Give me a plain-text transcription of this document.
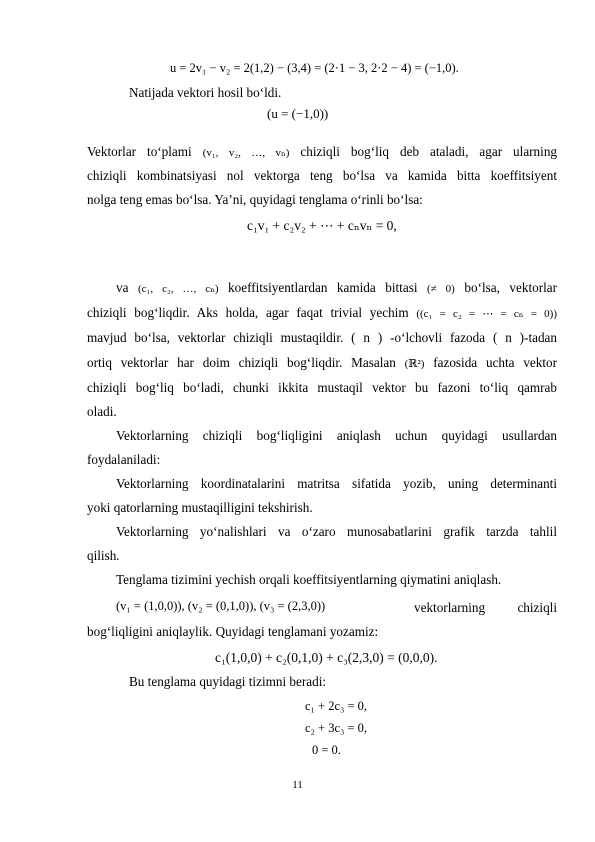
u = 2v₁ − v₂ = 2(1,2) − (3,4) = (2·1 − 3, 2·2 − 4) = (−1,0).
Natijada vektori hosil bo‘ldi.
(u = (−1,0))
Vektorlar to‘plami (v₁, v₂, …, vₙ) chiziqli bog‘liq deb ataladi, agar ularning
chiziqli kombinatsiyasi nol vektorga teng bo‘lsa va kamida bitta koeffitsiyent
nolga teng emas bo‘lsa. Ya’ni, quyidagi tenglama o‘rinli bo‘lsa:
c₁v₁ + c₂v₂ + ⋯ + cₙvₙ = 0,
va (c₁, c₂, …, cₙ) koeffitsiyentlardan kamida bittasi (≠ 0) bo‘lsa, vektorlar
chiziqli bog‘liqdir. Aks holda, agar faqat trivial yechim ((c₁ = c₂ = ⋯ = cₙ = 0))
mavjud bo‘lsa, vektorlar chiziqli mustaqildir. ( n ) -o‘lchovli fazoda ( n )-tadan
ortiq vektorlar har doim chiziqli bog‘liqdir. Masalan (ℝ²) fazosida uchta vektor
chiziqli bog‘liq bo‘ladi, chunki ikkita mustaqil vektor bu fazoni to‘liq qamrab
oladi.
Vektorlarning chiziqli bog‘liqligini aniqlash uchun quyidagi usullardan
foydalaniladi:
Vektorlarning koordinatalarini matritsa sifatida yozib, uning determinanti
yoki qatorlarning mustaqilligini tekshirish.
Vektorlarning yo‘nalishlari va o‘zaro munosabatlarini grafik tarzda tahlil
qilish.
Tenglama tizimini yechish orqali koeffitsiyentlarning qiymatini aniqlash.
(v₁ = (1,0,0)), (v₂ = (0,1,0)), (v₃ = (2,3,0))	vektorlarning chiziqli
bog‘liqligini aniqlaylik. Quyidagi tenglamani yozamiz:
c₁(1,0,0) + c₂(0,1,0) + c₃(2,3,0) = (0,0,0).
Bu tenglama quyidagi tizimni beradi:
c₁ + 2c₃ = 0,
c₂ + 3c₃ = 0,
0 = 0.
11
